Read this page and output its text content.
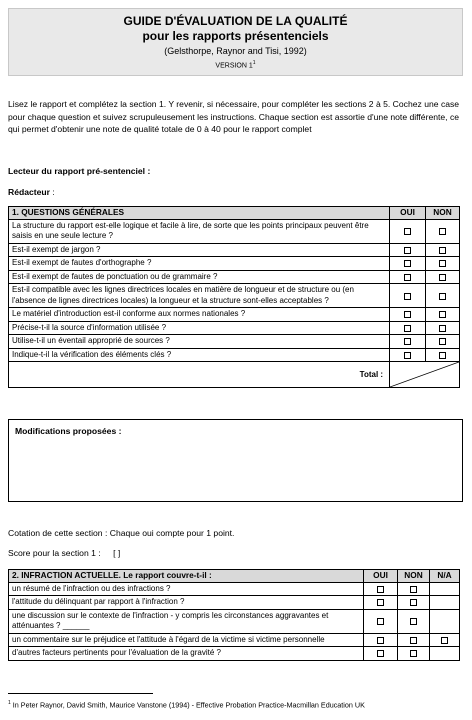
GUIDE D'ÉVALUATION DE LA QUALITÉ
pour les rapports présentenciels
(Gelsthorpe, Raynor and Tisi, 1992)
VERSION $1^1$
Lisez le rapport et complétez la section 1. Y revenir, si nécessaire, pour compléter les sections 2 à 5. Cochez une case pour chaque question et suivez scrupuleusement les instructions. Chaque section est assortie d'une note différente, ce qui permet d'obtenir une note de qualité totale de 0 à 40 pour le rapport complet
Lecteur du rapport pré-sentenciel :
Rédacteur :
1. QUESTIONS GÉNÉRALES	OUI	NON
La structure du rapport est-elle logique et facile à lire, de sorte que les points principaux peuvent être saisis en une seule lecture ?		
Est-il exempt de jargon ?		
Est-il exempt de fautes d'orthographe ?		
Est-il exempt de fautes de ponctuation ou de grammaire ?		
Est-il compatible avec les lignes directrices locales en matière de longueur et de structure ou (en l'absence de lignes directrices locales) la longueur et la structure sont-elles acceptables ?		
Le matériel d'introduction est-il conforme aux normes nationales ?		
Précise-t-il la source d'information utilisée ?		
Utilise-t-il un éventail approprié de sources ?		
Indique-t-il la vérification des éléments clés ?		
Total :	
Modifications proposées :
Cotation de cette section : Chaque oui compte pour 1 point.
Score pour la section 1 : [ ]
2. INFRACTION ACTUELLE. Le rapport couvre-t-il :	OUI	NON	N/A
un résumé de l'infraction ou des infractions ?			
l'attitude du délinquant par rapport à l'infraction ?			
une discussion sur le contexte de l'infraction - y compris les circonstances aggravantes et atténuantes ? ______			
un commentaire sur le préjudice et l'attitude à l'égard de la victime si victime personnelle			
d'autres facteurs pertinents pour l'évaluation de la gravité ?			
$^1$ In Peter Raynor, David Smith, Maurice Vanstone (1994) - Effective Probation Practice-Macmillan Education UK
